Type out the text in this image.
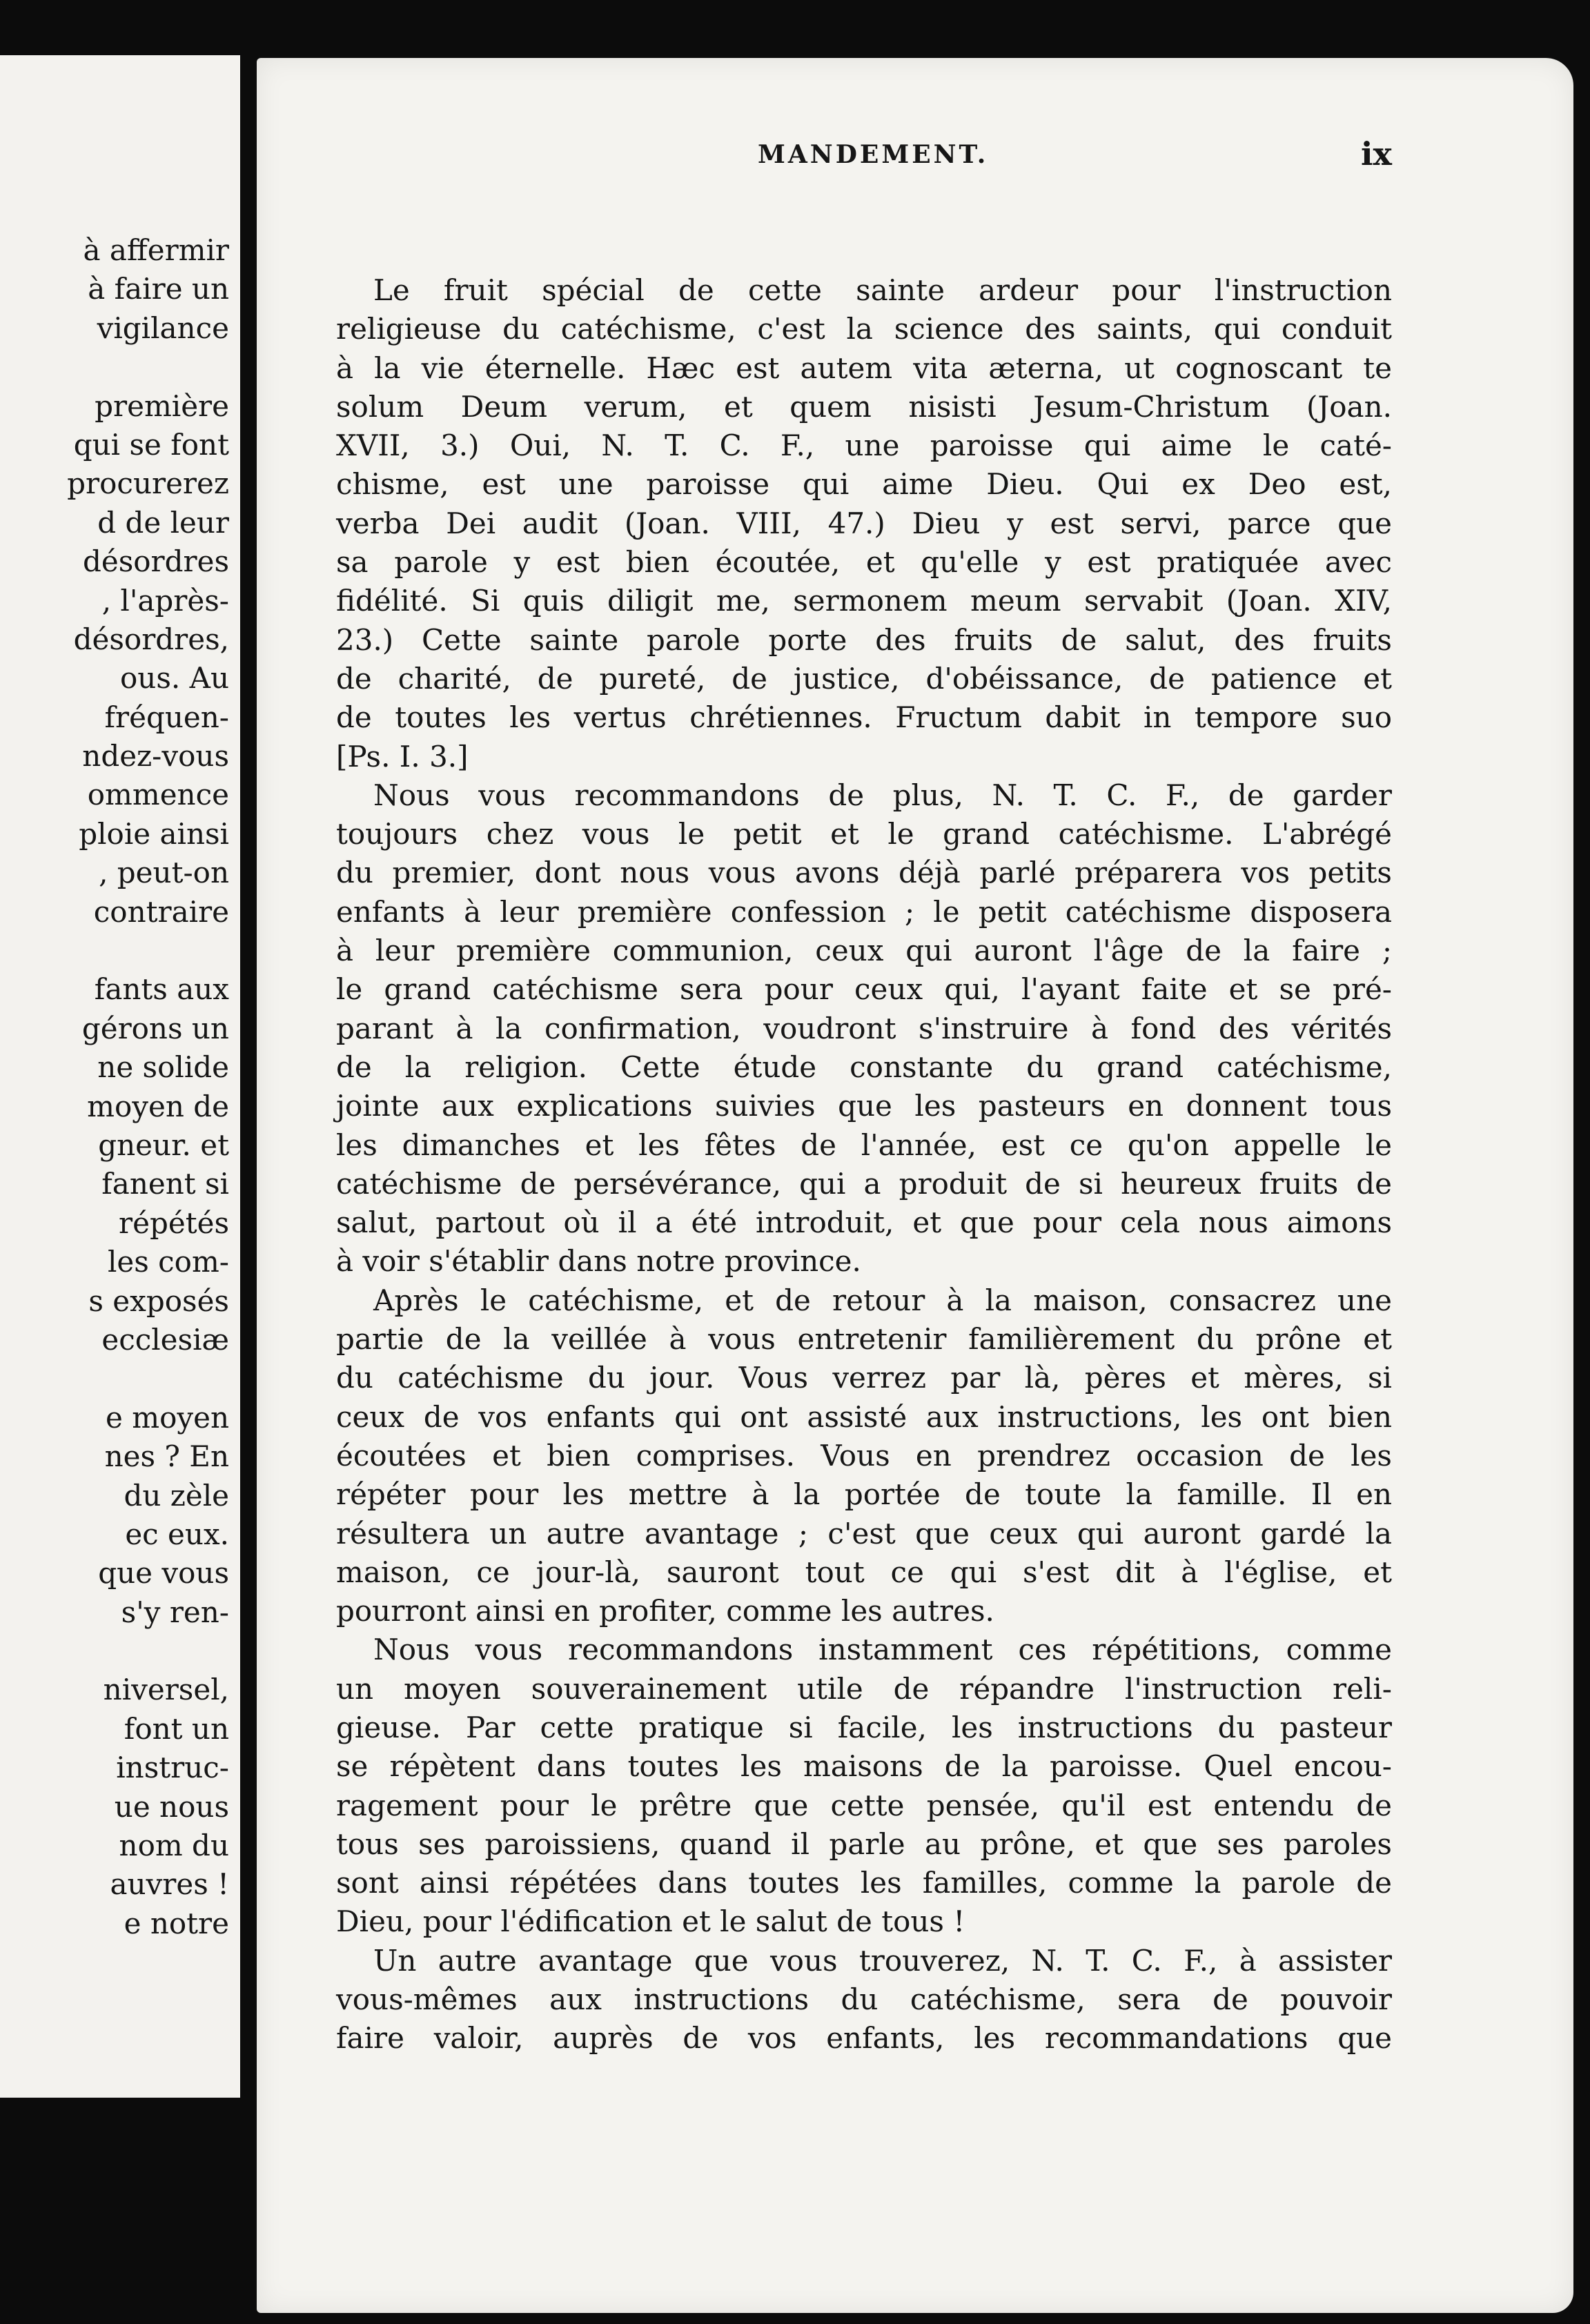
à affermir
à faire un
vigilance
première
qui se font
procurerez
d de leur
désordres
, l'après-
désordres,
ous. Au
fréquen-
ndez-vous
ommence
ploie ainsi
, peut-on
contraire
fants aux
gérons un
ne solide
moyen de
gneur. et
fanent si
répétés
les com-
s exposés
ecclesiæ
e moyen
nes ? En
du zèle
ec eux.
que vous
s'y ren-
niversel,
font un
instruc-
ue nous
nom du
auvres !
e notre
MANDEMENT.	ix
Le fruit spécial de cette sainte ardeur pour l'instruction
religieuse du catéchisme, c'est la science des saints, qui conduit
à la vie éternelle. Hæc est autem vita æterna, ut cognoscant te
solum Deum verum, et quem nisisti Jesum-Christum (Joan.
XVII, 3.) Oui, N. T. C. F., une paroisse qui aime le caté-
chisme, est une paroisse qui aime Dieu. Qui ex Deo est,
verba Dei audit (Joan. VIII, 47.) Dieu y est servi, parce que
sa parole y est bien écoutée, et qu'elle y est pratiquée avec
fidélité. Si quis diligit me, sermonem meum servabit (Joan. XIV,
23.) Cette sainte parole porte des fruits de salut, des fruits
de charité, de pureté, de justice, d'obéissance, de patience et
de toutes les vertus chrétiennes. Fructum dabit in tempore suo
[Ps. I. 3.]
Nous vous recommandons de plus, N. T. C. F., de garder
toujours chez vous le petit et le grand catéchisme. L'abrégé
du premier, dont nous vous avons déjà parlé préparera vos petits
enfants à leur première confession ; le petit catéchisme disposera
à leur première communion, ceux qui auront l'âge de la faire ;
le grand catéchisme sera pour ceux qui, l'ayant faite et se pré-
parant à la confirmation, voudront s'instruire à fond des vérités
de la religion. Cette étude constante du grand catéchisme,
jointe aux explications suivies que les pasteurs en donnent tous
les dimanches et les fêtes de l'année, est ce qu'on appelle le
catéchisme de persévérance, qui a produit de si heureux fruits de
salut, partout où il a été introduit, et que pour cela nous aimons
à voir s'établir dans notre province.
Après le catéchisme, et de retour à la maison, consacrez une
partie de la veillée à vous entretenir familièrement du prône et
du catéchisme du jour. Vous verrez par là, pères et mères, si
ceux de vos enfants qui ont assisté aux instructions, les ont bien
écoutées et bien comprises. Vous en prendrez occasion de les
répéter pour les mettre à la portée de toute la famille. Il en
résultera un autre avantage ; c'est que ceux qui auront gardé la
maison, ce jour-là, sauront tout ce qui s'est dit à l'église, et
pourront ainsi en profiter, comme les autres.
Nous vous recommandons instamment ces répétitions, comme
un moyen souverainement utile de répandre l'instruction reli-
gieuse. Par cette pratique si facile, les instructions du pasteur
se répètent dans toutes les maisons de la paroisse. Quel encou-
ragement pour le prêtre que cette pensée, qu'il est entendu de
tous ses paroissiens, quand il parle au prône, et que ses paroles
sont ainsi répétées dans toutes les familles, comme la parole de
Dieu, pour l'édification et le salut de tous !
Un autre avantage que vous trouverez, N. T. C. F., à assister
vous-mêmes aux instructions du catéchisme, sera de pouvoir
faire valoir, auprès de vos enfants, les recommandations que
